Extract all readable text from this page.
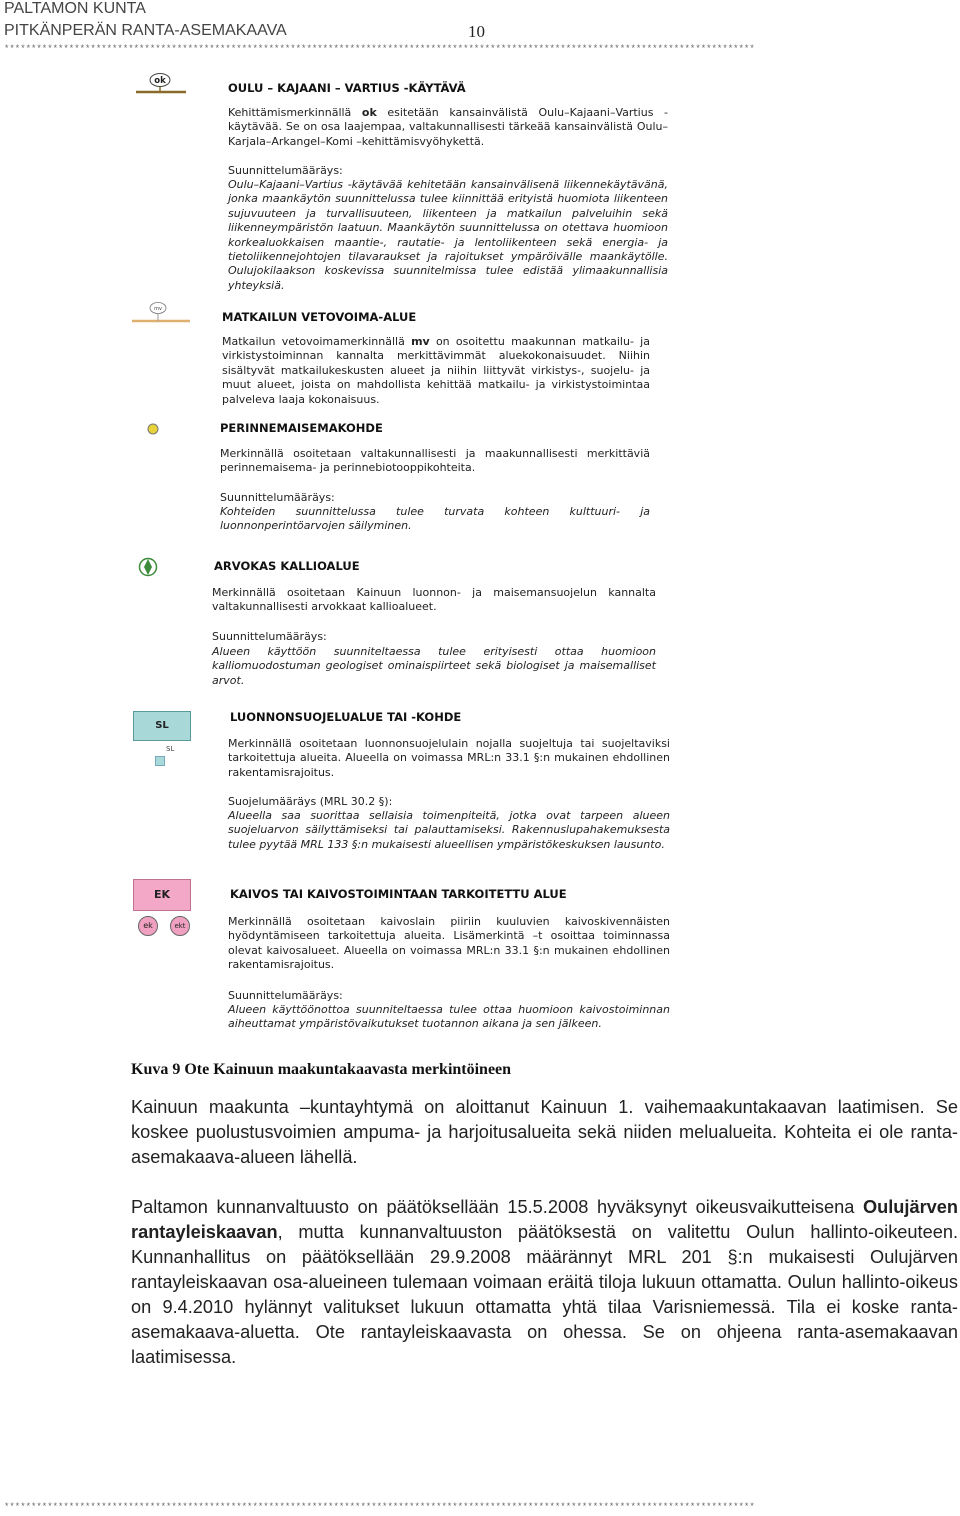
PALTAMON KUNTA
PITKÄNPERÄN RANTA-ASEMAKAAVA	10
*******************************************************************************************************************************************
ok	OULU – KAJAANI – VARTIUS -KÄYTÄVÄ
Kehittämismerkinnällä ok esitetään kansainvälistä Oulu–Kajaani–Vartius -käytävää. Se on osa laajempaa, valtakunnallisesti tärkeää kansainvälistä Oulu–Karjala–Arkangel–Komi –kehittämisvyöhykettä.
Suunnittelumääräys:
Oulu–Kajaani–Vartius -käytävää kehitetään kansainvälisenä liikennekäytävänä, jonka maankäytön suunnittelussa tulee kiinnittää erityistä huomiota liikenteen sujuvuuteen ja turvallisuuteen, liikenteen ja matkailun palveluihin sekä liikenneympäristön laatuun. Maankäytön suunnittelussa on otettava huomioon korkealuokkaisen maantie-, rautatie- ja lentoliikenteen sekä energia- ja tietoliikennejohtojen tilavaraukset ja rajoitukset ympäröivälle maankäytölle. Oulujokilaakson koskevissa suunnitelmissa tulee edistää ylimaakunnallisia yhteyksiä.
mv
MATKAILUN VETOVOIMA-ALUE
Matkailun vetovoimamerkinnällä mv on osoitettu maakunnan matkailu- ja virkistystoiminnan kannalta merkittävimmät aluekokonaisuudet. Niihin sisältyvät matkailukeskusten alueet ja niihin liittyvät virkistys-, suojelu- ja muut alueet, joista on mahdollista kehittää matkailu- ja virkistystoimintaa palveleva laaja kokonaisuus.
PERINNEMAISEMAKOHDE
Merkinnällä osoitetaan valtakunnallisesti ja maakunnallisesti merkittäviä perinnemaisema- ja perinnebiotooppikohteita.
Suunnittelumääräys:
Kohteiden suunnittelussa tulee turvata kohteen kulttuuri- ja luonnonperintöarvojen säilyminen.
ARVOKAS KALLIOALUE
Merkinnällä osoitetaan Kainuun luonnon- ja maisemansuojelun kannalta valtakunnallisesti arvokkaat kallioalueet.
Suunnittelumääräys:
Alueen käyttöön suunniteltaessa tulee erityisesti ottaa huomioon kalliomuodostuman geologiset ominaispiirteet sekä biologiset ja maisemalliset arvot.
SL
SL
LUONNONSUOJELUALUE TAI -KOHDE
Merkinnällä osoitetaan luonnonsuojelulain nojalla suojeltuja tai suojeltaviksi tarkoitettuja alueita. Alueella on voimassa MRL:n 33.1 §:n mukainen ehdollinen rakentamisrajoitus.
Suojelumääräys (MRL 30.2 §):
Alueella saa suorittaa sellaisia toimenpiteitä, jotka ovat tarpeen alueen suojeluarvon säilyttämiseksi tai palauttamiseksi. Rakennuslupahakemuksesta tulee pyytää MRL 133 §:n mukaisesti alueellisen ympäristökeskuksen lausunto.
EK
ek	ekt
KAIVOS TAI KAIVOSTOIMINTAAN TARKOITETTU ALUE
Merkinnällä osoitetaan kaivoslain piiriin kuuluvien kaivoskivennäisten hyödyntämiseen tarkoitettuja alueita. Lisämerkintä –t osoittaa toiminnassa olevat kaivosalueet. Alueella on voimassa MRL:n 33.1 §:n mukainen ehdollinen rakentamisrajoitus.
Suunnittelumääräys:
Alueen käyttöönottoa suunniteltaessa tulee ottaa huomioon kaivostoiminnan aiheuttamat ympäristövaikutukset tuotannon aikana ja sen jälkeen.
Kuva 9 Ote Kainuun maakuntakaavasta merkintöineen
Kainuun maakunta –kuntayhtymä on aloittanut Kainuun 1. vaihemaakuntakaavan laatimisen. Se koskee puolustusvoimien ampuma- ja harjoitusalueita sekä niiden melualueita. Kohteita ei ole ranta-asemakaava-alueen lähellä.
Paltamon kunnanvaltuusto on päätöksellään 15.5.2008 hyväksynyt oikeusvaikutteisena Oulujärven rantayleiskaavan, mutta kunnanvaltuuston päätöksestä on valitettu Oulun hallinto-oikeuteen. Kunnanhallitus on päätöksellään 29.9.2008 määrännyt MRL 201 §:n mukaisesti Oulujärven rantayleiskaavan osa-alueineen tulemaan voimaan eräitä tiloja lukuun ottamatta. Oulun hallinto-oikeus on 9.4.2010 hylännyt valitukset lukuun ottamatta yhtä tilaa Varisniemessä. Tila ei koske ranta-asemakaava-aluetta. Ote rantayleiskaavasta on ohessa. Se on ohjeena ranta-asemakaavan laatimisessa.
*******************************************************************************************************************************************
